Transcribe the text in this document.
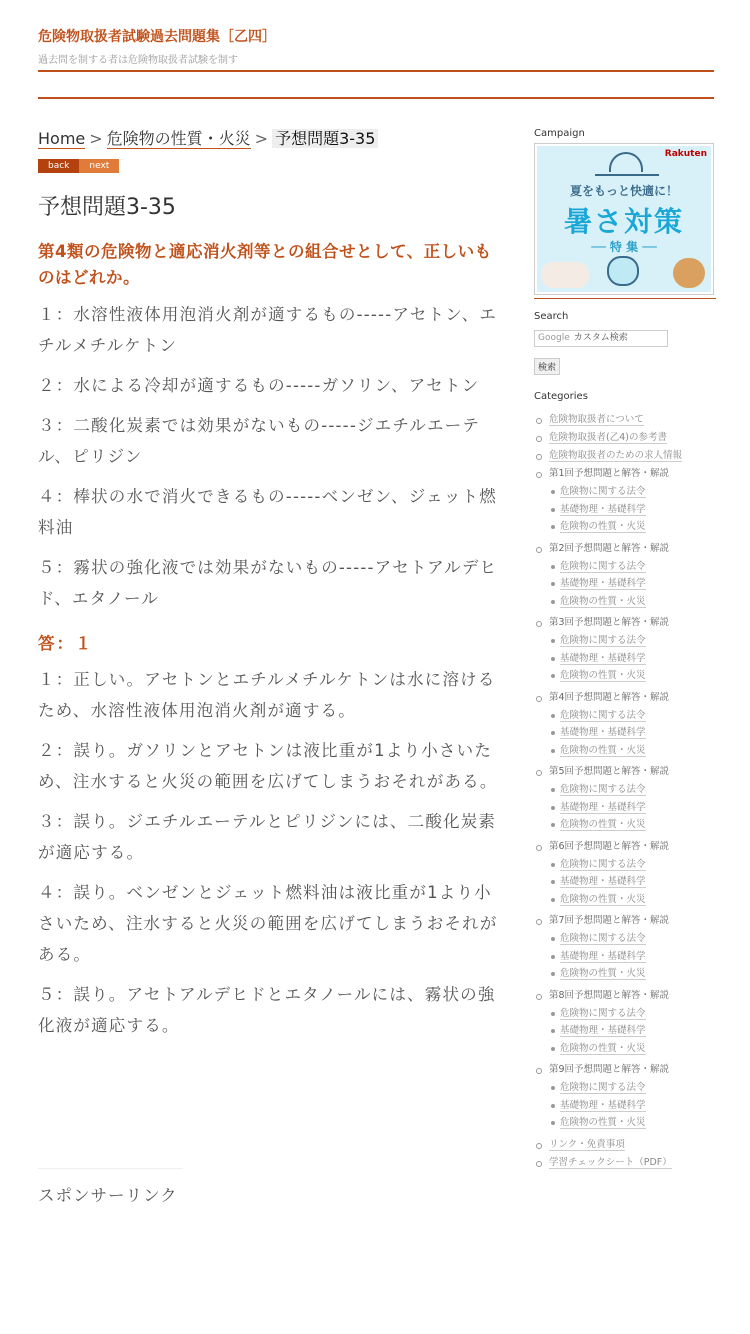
危険物取扱者試験過去問題集［乙四］
過去問を制する者は危険物取扱者試験を制す
Home > 危険物の性質・火災 > 予想問題3-35
back	next
予想問題3-35
第4類の危険物と適応消火剤等との組合せとして、正しいものはどれか。

１：水溶性液体用泡消火剤が適するもの-----アセトン、エチルメチルケトン

２：水による冷却が適するもの-----ガソリン、アセトン

３：二酸化炭素では効果がないもの-----ジエチルエーテル、ピリジン

４：棒状の水で消火できるもの-----ベンゼン、ジェット燃料油

５：霧状の強化液では効果がないもの-----アセトアルデヒド、エタノール

答：１

１：正しい。アセトンとエチルメチルケトンは水に溶けるため、水溶性液体用泡消火剤が適する。

２：誤り。ガソリンとアセトンは液比重が1より小さいため、注水すると火災の範囲を広げてしまうおそれがある。

３：誤り。ジエチルエーテルとピリジンには、二酸化炭素が適応する。

４：誤り。ベンゼンとジェット燃料油は液比重が1より小さいため、注水すると火災の範囲を広げてしまうおそれがある。

５：誤り。アセトアルデヒドとエタノールには、霧状の強化液が適応する。

スポンサーリンク
Campaign
Rakuten
夏をもっと快適に！
暑さ対策
── 特 集 ──
Search
Google カスタム検索
検索
Categories
危険物取扱者について
危険物取扱者(乙4)の参考書
危険物取扱者のための求人情報
第1回予想問題と解答・解説
危険物に関する法令
基礎物理・基礎科学
危険物の性質・火災
第2回予想問題と解答・解説
危険物に関する法令
基礎物理・基礎科学
危険物の性質・火災
第3回予想問題と解答・解説
危険物に関する法令
基礎物理・基礎科学
危険物の性質・火災
第4回予想問題と解答・解説
危険物に関する法令
基礎物理・基礎科学
危険物の性質・火災
第5回予想問題と解答・解説
危険物に関する法令
基礎物理・基礎科学
危険物の性質・火災
第6回予想問題と解答・解説
危険物に関する法令
基礎物理・基礎科学
危険物の性質・火災
第7回予想問題と解答・解説
危険物に関する法令
基礎物理・基礎科学
危険物の性質・火災
第8回予想問題と解答・解説
危険物に関する法令
基礎物理・基礎科学
危険物の性質・火災
第9回予想問題と解答・解説
危険物に関する法令
基礎物理・基礎科学
危険物の性質・火災
リンク・免責事項
学習チェックシート（PDF）
